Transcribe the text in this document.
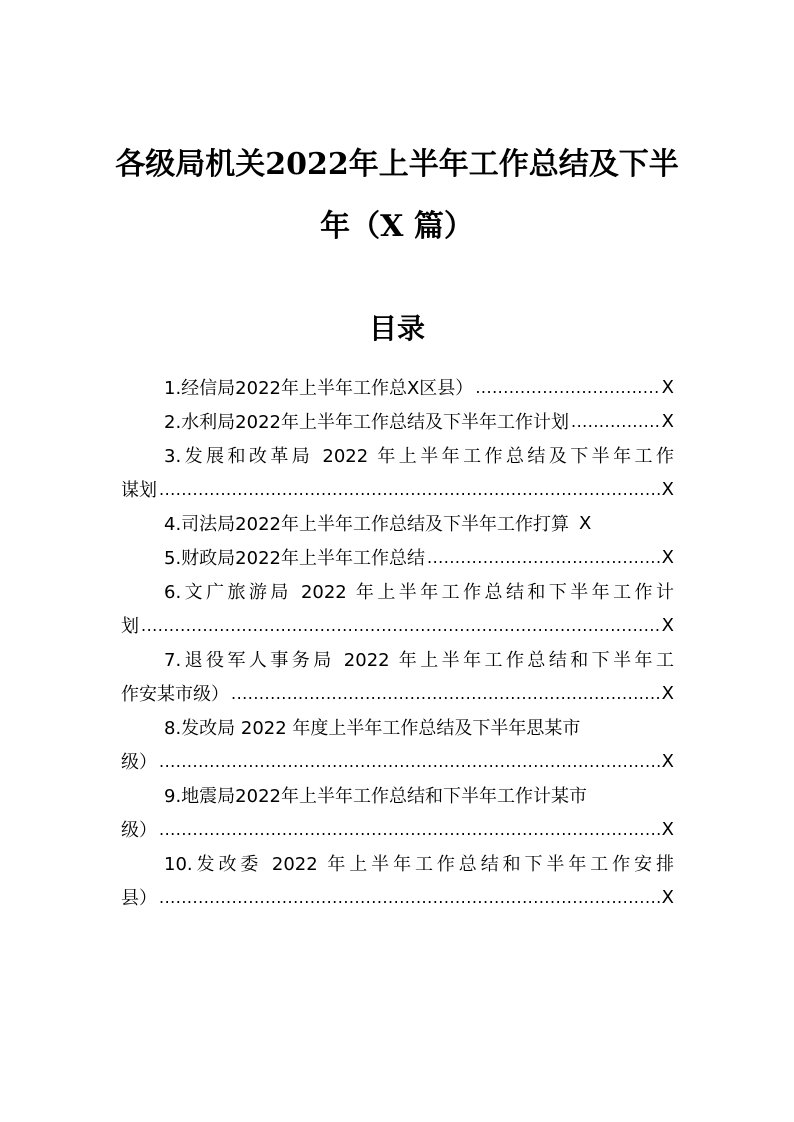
各级局机关2022年上半年工作总结及下半
年（X 篇）
目录
1.经信局2022年上半年工作总X区县） .....	X
2.水利局2022年上半年工作总结及下半年工作计划 .....	X
3.发展和改革局 2022 年上半年工作总结及下半年工作
谋划 .....	X
4.司法局2022年上半年工作总结及下半年工作打算 X
5.财政局2022年上半年工作总结 .....	X
6.文广旅游局 2022 年上半年工作总结和下半年工作计
划 .....	X
7.退役军人事务局 2022 年上半年工作总结和下半年工
作安某市级） .....	X
8.发改局 2022 年度上半年工作总结及下半年思某市
级） .....	X
9.地震局2022年上半年工作总结和下半年工作计某市
级） .....	X
10.发改委 2022 年上半年工作总结和下半年工作安排
县） .....	X
